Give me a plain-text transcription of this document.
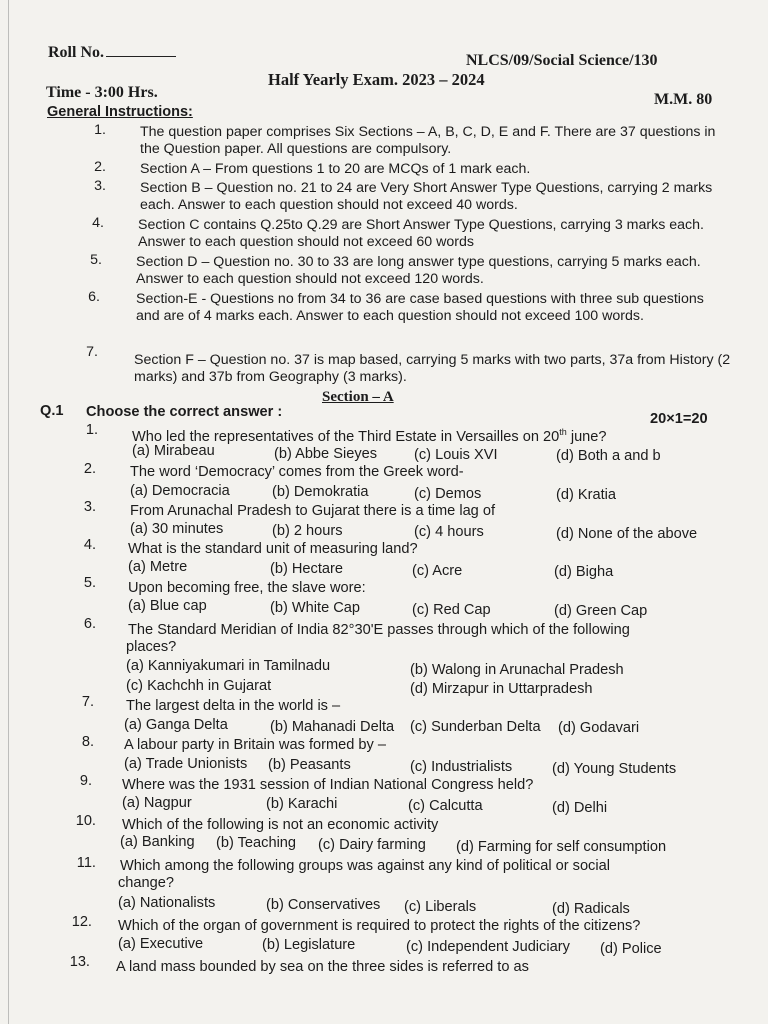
Roll No.	NLCS/09/Social Science/130
Half Yearly Exam. 2023 – 2024
Time - 3:00 Hrs.	M.M. 80
General Instructions:
1. The question paper comprises Six Sections – A, B, C, D, E and F. There are 37 questions in the Question paper. All questions are compulsory.
2. Section A – From questions 1 to 20 are MCQs of 1 mark each.
3. Section B – Question no. 21 to 24 are Very Short Answer Type Questions, carrying 2 marks each. Answer to each question should not exceed 40 words.
4. Section C contains Q.25to Q.29 are Short Answer Type Questions, carrying 3 marks each. Answer to each question should not exceed 60 words
5. Section D – Question no. 30 to 33 are long answer type questions, carrying 5 marks each. Answer to each question should not exceed 120 words.
6.	Section-E - Questions no from 34 to 36 are case based questions with three sub questions and are of 4 marks each. Answer to each question should not exceed 100 words.
7.	Section F – Question no. 37 is map based, carrying 5 marks with two parts, 37a from History (2 marks) and 37b from Geography (3 marks).
Section – A
Q.1 Choose the correct answer :	20×1=20
1. Who led the representatives of the Third Estate in Versailles on 20th june?
(a) Mirabeau	(b) Abbe Sieyes	(c) Louis XVI	(d) Both a and b
2. The word ‘Democracy’ comes from the Greek word-
(a) Democracia	(b) Demokratia	(c) Demos	(d) Kratia
3. From Arunachal Pradesh to Gujarat there is a time lag of
(a) 30 minutes	(b) 2 hours	(c) 4 hours	(d) None of the above
4. What is the standard unit of measuring land?
(a) Metre	(b) Hectare	(c) Acre	(d) Bigha
5. Upon becoming free, the slave wore:
(a) Blue cap	(b) White Cap	(c) Red Cap	(d) Green Cap
6. The Standard Meridian of India 82°30'E passes through which of the following
places?
(a) Kanniyakumari in Tamilnadu	(b) Walong in Arunachal Pradesh
(c) Kachchh in Gujarat	(d) Mirzapur in Uttarpradesh
7. The largest delta in the world is –
(a) Ganga Delta	(b) Mahanadi Delta (c) Sunderban Delta (d) Godavari
8. A labour party in Britain was formed by –
(a) Trade Unionists (b) Peasants	(c) Industrialists	(d) Young Students
9. Where was the 1931 session of Indian National Congress held?
(a) Nagpur	(b) Karachi	(c) Calcutta	(d) Delhi
10. Which of the following is not an economic activity
(a) Banking (b) Teaching (c) Dairy farming (d) Farming for self consumption
11. Which among the following groups was against any kind of political or social
change?
(a) Nationalists	(b) Conservatives (c) Liberals	(d) Radicals
12. Which of the organ of government is required to protect the rights of the citizens?
(a) Executive	(b) Legislature	(c) Independent Judiciary (d) Police
13. A land mass bounded by sea on the three sides is referred to as
